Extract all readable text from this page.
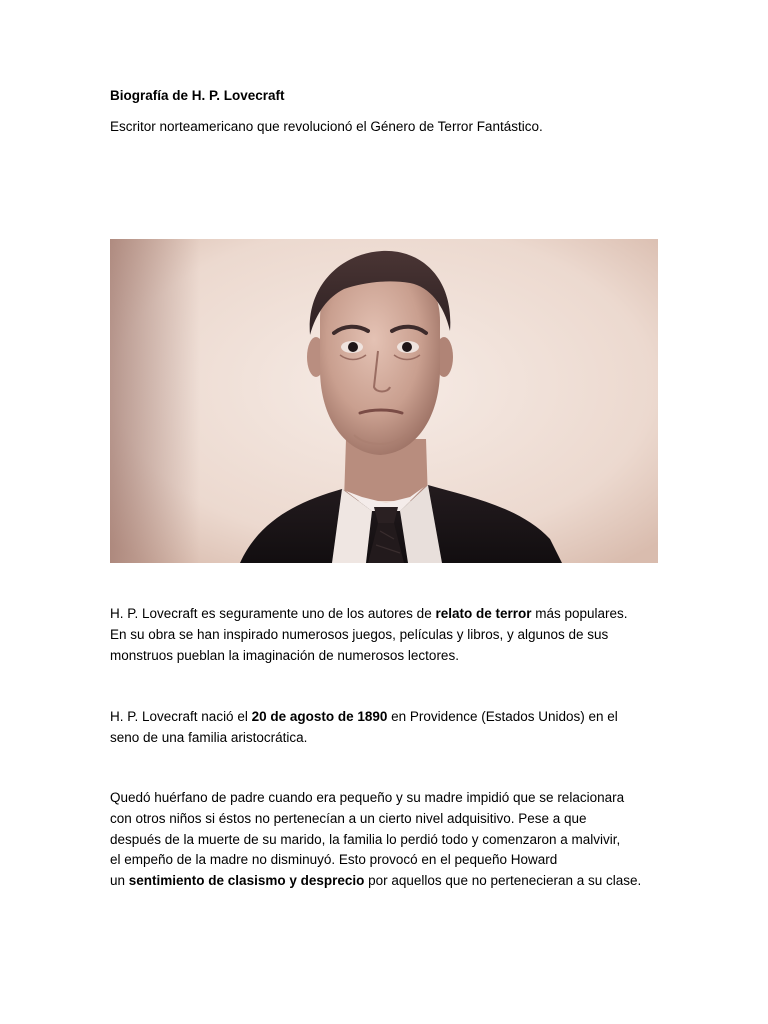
Biografía de H. P. Lovecraft
Escritor norteamericano que revolucionó el Género de Terror Fantástico.
H. P. Lovecraft es seguramente uno de los autores de relato de terror más populares.
En su obra se han inspirado numerosos juegos, películas y libros, y algunos de sus
monstruos pueblan la imaginación de numerosos lectores.
H. P. Lovecraft nació el 20 de agosto de 1890 en Providence (Estados Unidos) en el
seno de una familia aristocrática.
Quedó huérfano de padre cuando era pequeño y su madre impidió que se relacionara
con otros niños si éstos no pertenecían a un cierto nivel adquisitivo. Pese a que
después de la muerte de su marido, la familia lo perdió todo y comenzaron a malvivir,
el empeño de la madre no disminuyó. Esto provocó en el pequeño Howard
un sentimiento de clasismo y desprecio por aquellos que no pertenecieran a su clase.
